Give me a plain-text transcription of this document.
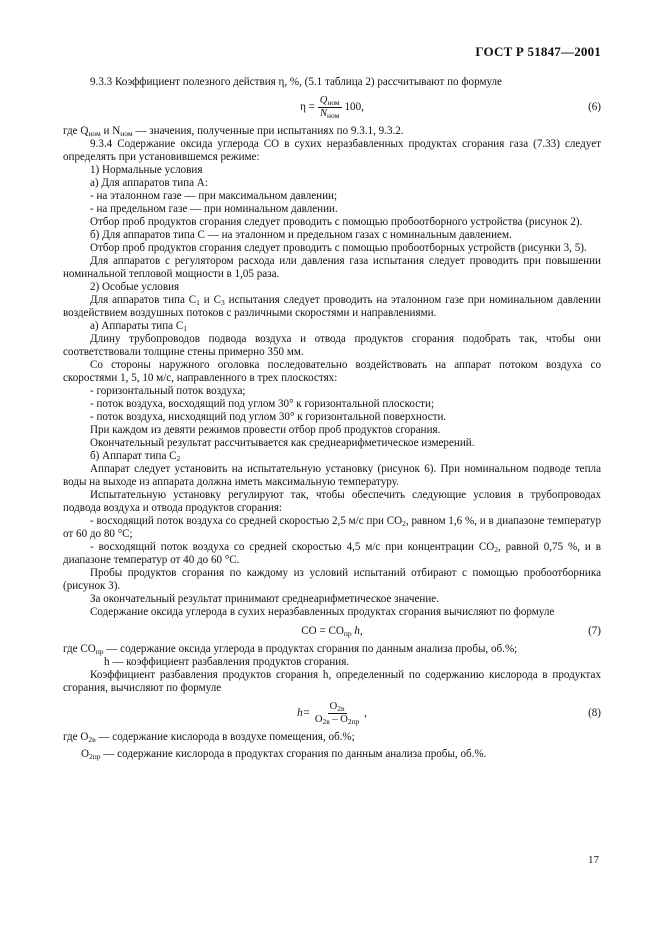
ГОСТ Р 51847—2001

9.3.3 Коэффициент полезного действия η, %, (5.1 таблица 2) рассчитывают по формуле

$\eta = \frac{Q_{ном}}{N_{ном}} 100$,	(6)

где $Q_{ном}$ и $N_{ном}$ — значения, полученные при испытаниях по 9.3.1, 9.3.2.

9.3.4 Содержание оксида углерода СО в сухих неразбавленных продуктах сгорания газа (7.33) следует определять при установившемся режиме:

1) Нормальные условия

а) Для аппаратов типа А:

- на эталонном газе — при максимальном давлении;

- на предельном газе — при номинальном давлении.

Отбор проб продуктов сгорания следует проводить с помощью пробоотборного устройства (рисунок 2).

б) Для аппаратов типа С — на эталонном и предельном газах с номинальным давлением.

Отбор проб продуктов сгорания следует проводить с помощью пробоотборных устройств (рисунки 3, 5).

Для аппаратов с регулятором расхода или давления газа испытания следует проводить при повышении номинальной тепловой мощности в 1,05 раза.

2) Особые условия

Для аппаратов типа $С_1$ и $С_3$ испытания следует проводить на эталонном газе при номинальном давлении воздействием воздушных потоков с различными скоростями и направлениями.

а) Аппараты типа $С_1$

Длину трубопроводов подвода воздуха и отвода продуктов сгорания подобрать так, чтобы они соответствовали толщине стены примерно 350 мм.

Со стороны наружного оголовка последовательно воздействовать на аппарат потоком воздуха со скоростями 1, 5, 10 м/с, направленного в трех плоскостях:

- горизонтальный поток воздуха;

- поток воздуха, восходящий под углом 30° к горизонтальной плоскости;

- поток воздуха, нисходящий под углом 30° к горизонтальной поверхности.

При каждом из девяти режимов провести отбор проб продуктов сгорания.

Окончательный результат рассчитывается как среднеарифметическое измерений.

б) Аппарат типа $С_2$

Аппарат следует установить на испытательную установку (рисунок 6). При номинальном подводе тепла воды на выходе из аппарата должна иметь максимальную температуру.

Испытательную установку регулируют так, чтобы обеспечить следующие условия в трубопроводах подвода воздуха и отвода продуктов сгорания:

- восходящий поток воздуха со средней скоростью 2,5 м/с при $СО_2$, равном 1,6 %, и в диапазоне температур от 60 до 80 °С;

- восходящий поток воздуха со средней скоростью 4,5 м/с при концентрации $СО_2$, равной 0,75 %, и в диапазоне температур от 40 до 60 °С.

Пробы продуктов сгорания по каждому из условий испытаний отбирают с помощью пробоотборника (рисунок 3).

За окончательный результат принимают среднеарифметическое значение.

Содержание оксида углерода в сухих неразбавленных продуктах сгорания вычисляют по формуле

CO = $CO_{пр}$ h,	(7)

где $CO_{пр}$ — содержание оксида углерода в продуктах сгорания по данным анализа пробы, об.%;

h — коэффициент разбавления продуктов сгорания.

Коэффициент разбавления продуктов сгорания h, определенный по содержанию кислорода в продуктах сгорания, вычисляют по формуле

$h= \frac{O_{2в}}{O_{2в} - O_{2пр}}$ ,	(8)

где $O_{2в}$ — содержание кислорода в воздухе помещения, об.%;

$O_{2пр}$ — содержание кислорода в продуктах сгорания по данным анализа пробы, об.%.

17
